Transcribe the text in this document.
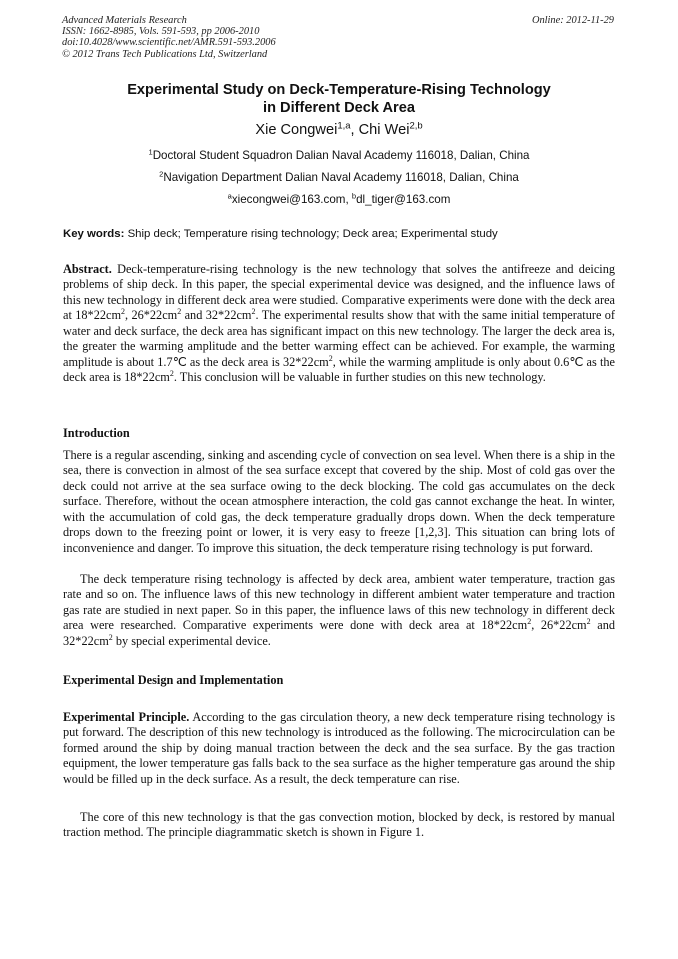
Advanced Materials Research
ISSN: 1662-8985, Vols. 591-593, pp 2006-2010
doi:10.4028/www.scientific.net/AMR.591-593.2006
© 2012 Trans Tech Publications Ltd, Switzerland
Online: 2012-11-29
Experimental Study on Deck-Temperature-Rising Technology
in Different Deck Area
Xie Congwei$^{1,a}$, Chi Wei$^{2,b}$
$^1$Doctoral Student Squadron Dalian Naval Academy 116018, Dalian, China
$^2$Navigation Department Dalian Naval Academy 116018, Dalian, China
$^a$xiecongwei@163.com, $^b$dl_tiger@163.com
Key words: Ship deck; Temperature rising technology; Deck area; Experimental study
Abstract. Deck-temperature-rising technology is the new technology that solves the antifreeze and deicing problems of ship deck. In this paper, the special experimental device was designed, and the influence laws of this new technology in different deck area were studied. Comparative experiments were done with the deck area at $18*22cm^2$, $26*22cm^2$ and $32*22cm^2$. The experimental results show that with the same initial temperature of water and deck surface, the deck area has significant impact on this new technology. The larger the deck area is, the greater the warming amplitude and the better warming effect can be achieved. For example, the warming amplitude is about 1.7℃ as the deck area is $32*22cm^2$, while the warming amplitude is only about 0.6℃ as the deck area is $18*22cm^2$. This conclusion will be valuable in further studies on this new technology.
Introduction
There is a regular ascending, sinking and ascending cycle of convection on sea level. When there is a ship in the sea, there is convection in almost of the sea surface except that covered by the ship. Most of cold gas over the deck could not arrive at the sea surface owing to the deck blocking. The cold gas accumulates on the deck surface. Therefore, without the ocean atmosphere interaction, the cold gas cannot exchange the heat. In winter, with the accumulation of cold gas, the deck temperature gradually drops down. When the deck temperature drops down to the freezing point or lower, it is very easy to freeze [1,2,3]. This situation can bring lots of inconvenience and danger. To improve this situation, the deck temperature rising technology is put forward.
The deck temperature rising technology is affected by deck area, ambient water temperature, traction gas rate and so on. The influence laws of this new technology in different ambient water temperature and traction gas rate are studied in next paper. So in this paper, the influence laws of this new technology in different deck area were researched. Comparative experiments were done with deck area at $18*22cm^2$, $26*22cm^2$ and $32*22cm^2$ by special experimental device.
Experimental Design and Implementation
Experimental Principle. According to the gas circulation theory, a new deck temperature rising technology is put forward. The description of this new technology is introduced as the following. The microcirculation can be formed around the ship by doing manual traction between the deck and the sea surface. By the gas traction equipment, the lower temperature gas falls back to the sea surface as the higher temperature gas around the ship would be filled up in the deck surface. As a result, the deck temperature can rise.
The core of this new technology is that the gas convection motion, blocked by deck, is restored by manual traction method. The principle diagrammatic sketch is shown in Figure 1.
